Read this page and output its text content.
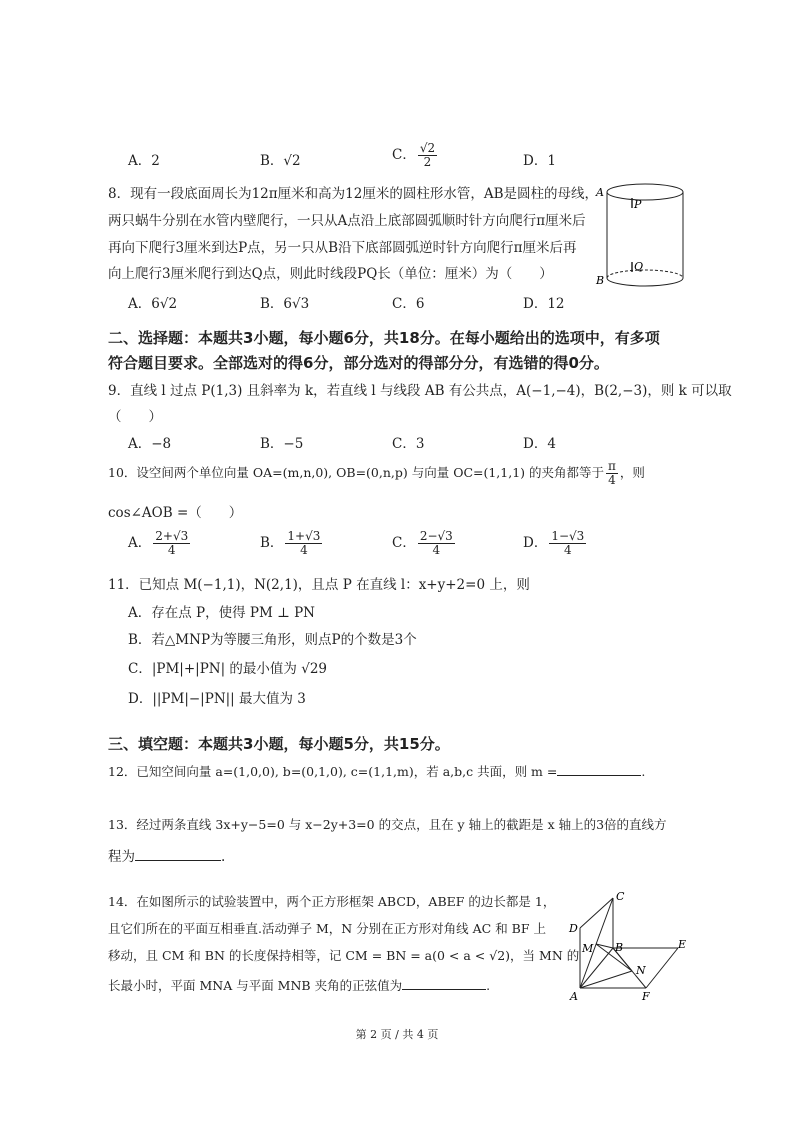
A．2	B．√2	C． $\frac{√2}{2}$	D．1
8．现有一段底面周长为12π厘米和高为12厘米的圆柱形水管，AB是圆柱的母线，
两只蜗牛分别在水管内壁爬行，一只从A点沿上底部圆弧顺时针方向爬行π厘米后
再向下爬行3厘米到达P点，另一只从B沿下底部圆弧逆时针方向爬行π厘米后再
向上爬行3厘米爬行到达Q点，则此时线段PQ长（单位：厘米）为（　　）
A．6√2	B．6√3	C．6	D．12
A
P
Q
B
二、选择题：本题共3小题，每小题6分，共18分。在每小题给出的选项中，有多项
符合题目要求。全部选对的得6分，部分选对的得部分分，有选错的得0分。
9．直线 l 过点 P(1,3) 且斜率为 k，若直线 l 与线段 AB 有公共点，A(−1,−4)，B(2,−3)，则 k 可以取
（　　）
A．−8	B．−5	C．3	D．4
10．设空间两个单位向量 OA=(m,n,0), OB=(0,n,p) 与向量 OC=(1,1,1) 的夹角都等于 $\frac{\pi}{4}$ ，则
cos∠AOB =（　　）
A． $\frac{2+√3}{4}$	B． $\frac{1+√3}{4}$	C． $\frac{2-√3}{4}$	D． $\frac{1-√3}{4}$
11．已知点 M(−1,1)，N(2,1)，且点 P 在直线 l：x+y+2=0 上，则
A．存在点 P，使得 PM ⊥ PN
B．若△MNP为等腰三角形，则点P的个数是3个
C．|PM|+|PN| 的最小值为 √29
D．||PM|−|PN|| 最大值为 3
三、填空题：本题共3小题，每小题5分，共15分。
12．已知空间向量 a=(1,0,0), b=(0,1,0), c=(1,1,m)，若 a,b,c 共面，则 m =	.
13．经过两条直线 3x+y−5=0 与 x−2y+3=0 的交点，且在 y 轴上的截距是 x 轴上的3倍的直线方
程为	.
14．在如图所示的试验装置中，两个正方形框架 ABCD，ABEF 的边长都是 1，
且它们所在的平面互相垂直.活动弹子 M，N 分别在正方形对角线 AC 和 BF 上
移动，且 CM 和 BN 的长度保持相等，记 CM = BN = a(0 < a < √2)，当 MN 的
长最小时，平面 MNA 与平面 MNB 夹角的正弦值为	.
C
D
M B	E
N
A	F
第 2 页 / 共 4 页
